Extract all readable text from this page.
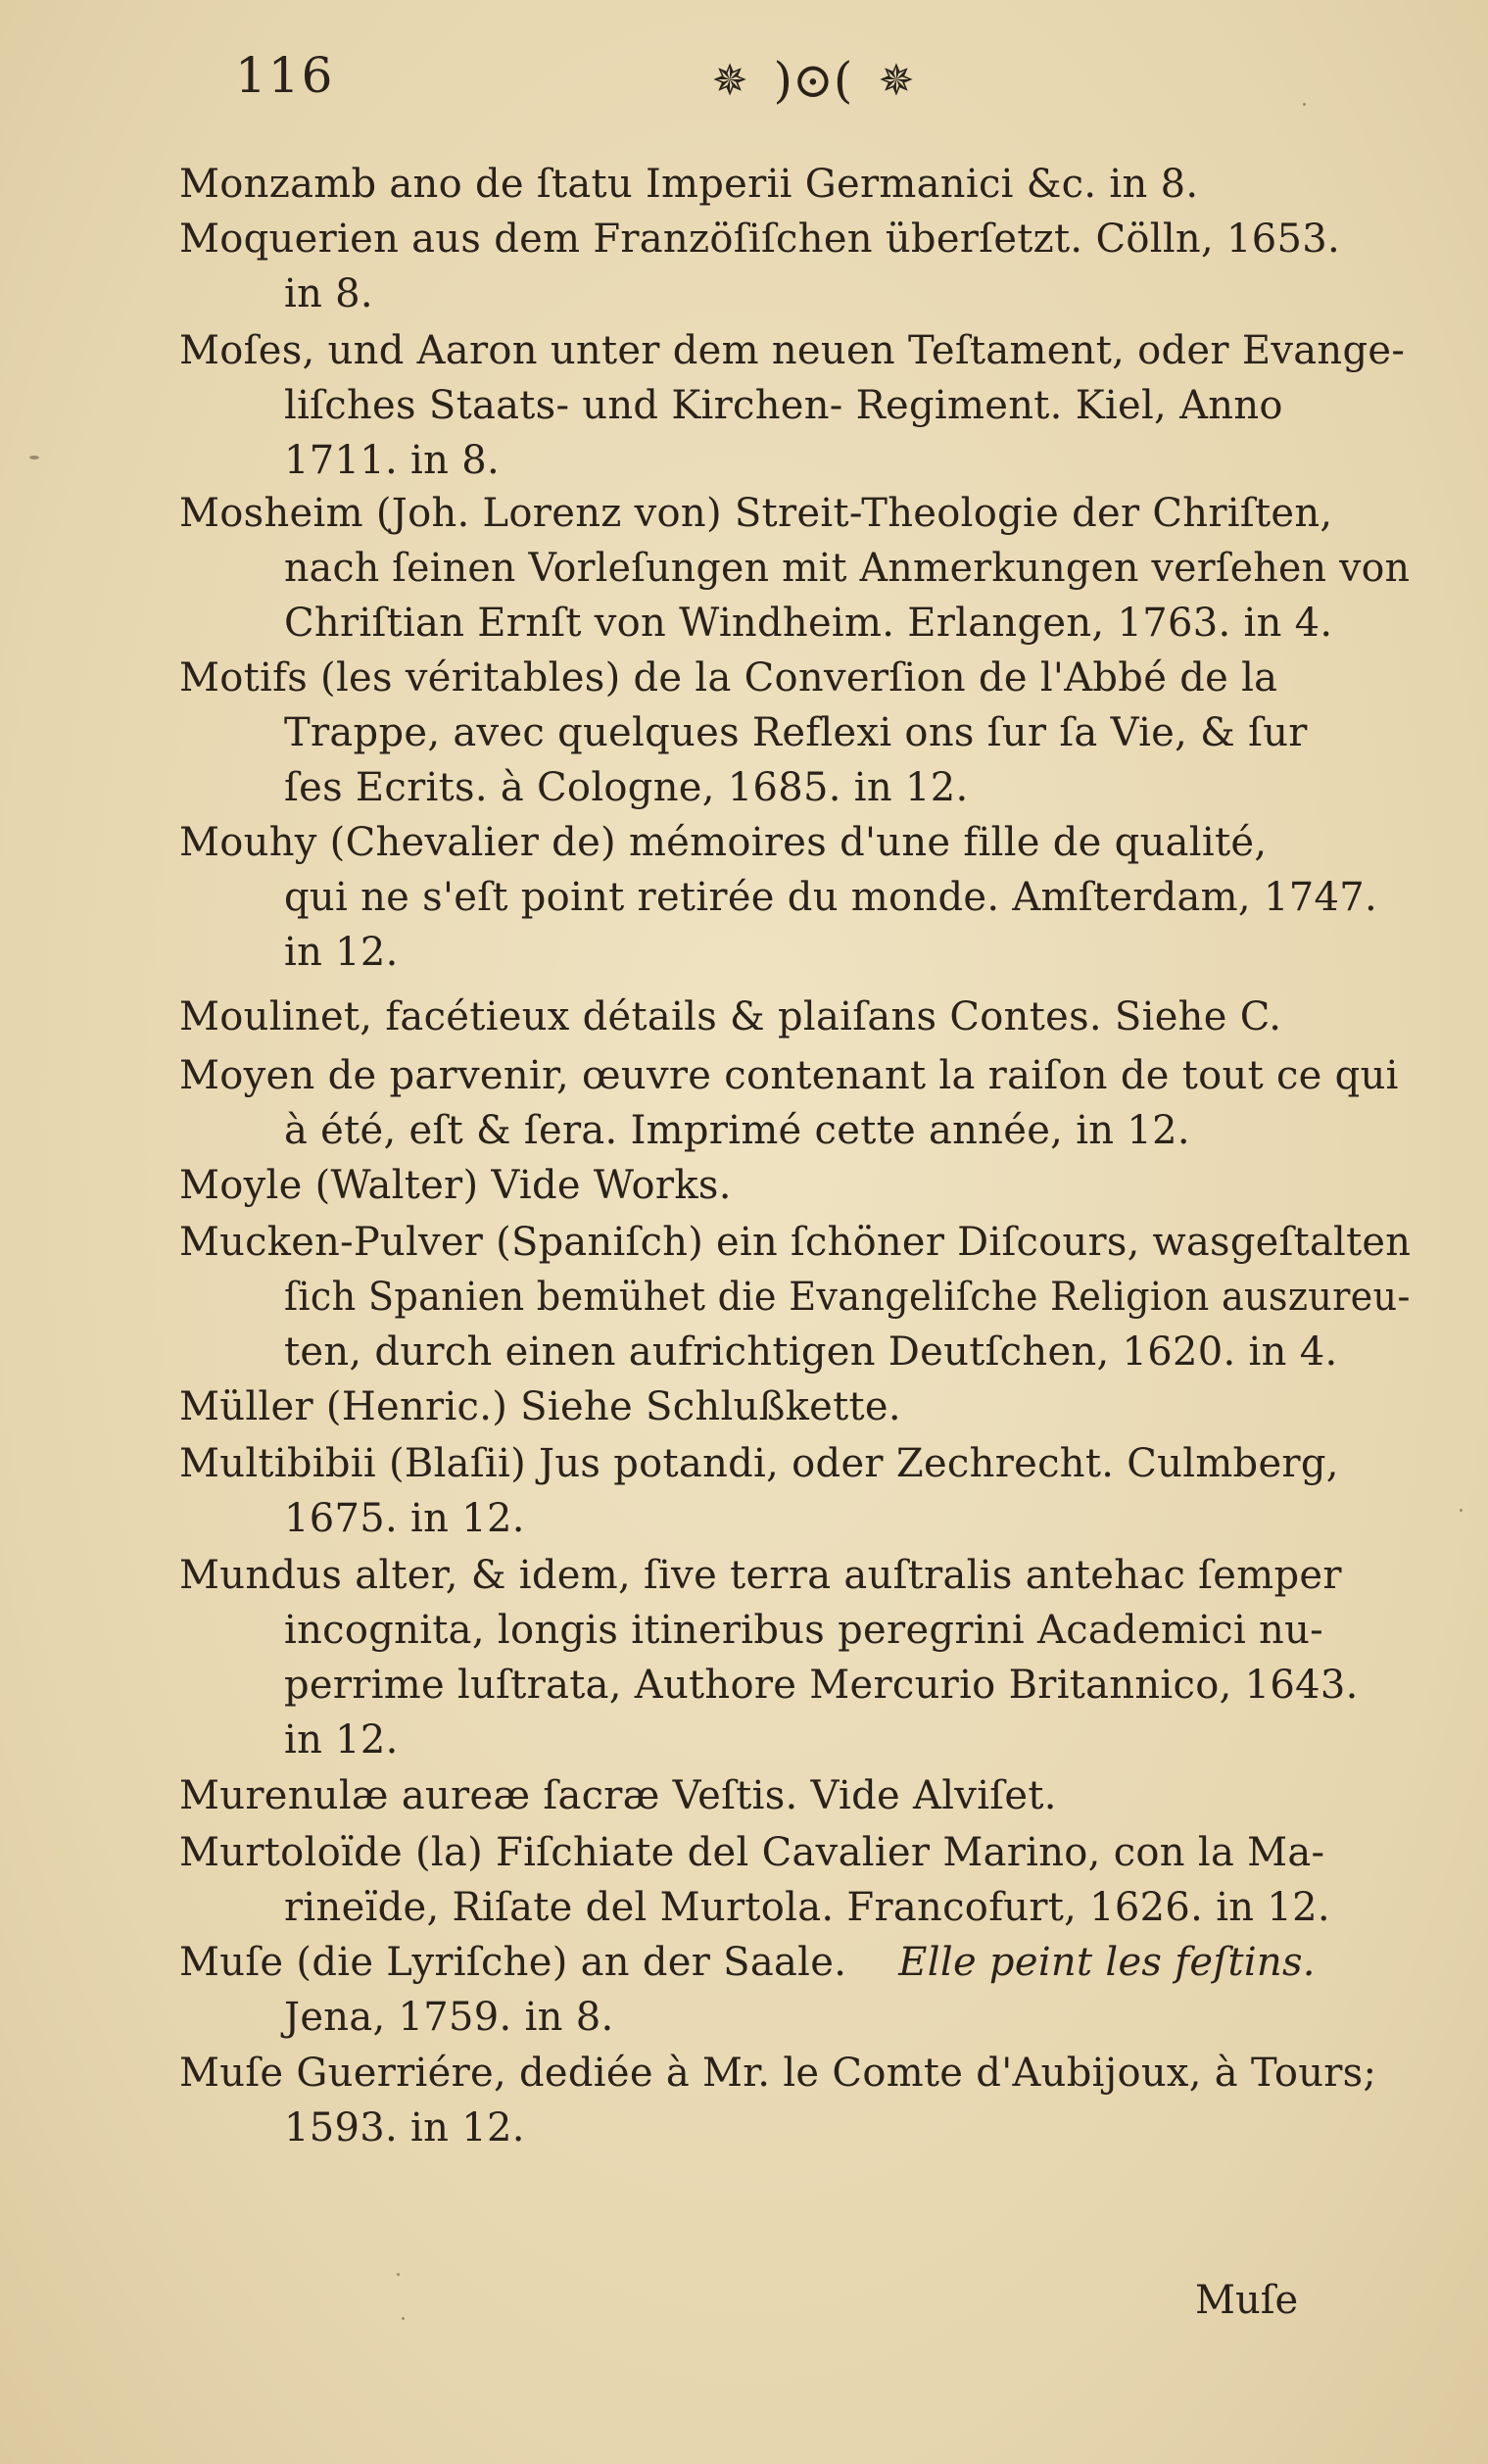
116	✵ )⊙( ✵
Monzamb ano de ſtatu Imperii Germanici &c. in 8.
Moquerien aus dem Franzöſiſchen überſetzt. Cölln, 1653.
in 8.
Moſes, und Aaron unter dem neuen Teſtament, oder Evange-
liſches Staats- und Kirchen- Regiment. Kiel, Anno
1711. in 8.
Mosheim (Joh. Lorenz von) Streit-Theologie der Chriſten,
nach ſeinen Vorleſungen mit Anmerkungen verſehen von
Chriſtian Ernſt von Windheim. Erlangen, 1763. in 4.
Motifs (les véritables) de la Converſion de l'Abbé de la
Trappe, avec quelques Reflexi ons ſur ſa Vie, & ſur
ſes Ecrits. à Cologne, 1685. in 12.
Mouhy (Chevalier de) mémoires d'une fille de qualité,
qui ne s'eſt point retirée du monde. Amſterdam, 1747.
in 12.
Moulinet, facétieux détails & plaiſans Contes. Siehe C.
Moyen de parvenir, œuvre contenant la raiſon de tout ce qui
à été, eſt & ſera. Imprimé cette année, in 12.
Moyle (Walter) Vide Works.
Mucken-Pulver (Spaniſch) ein ſchöner Diſcours, wasgeſtalten
ſich Spanien bemühet die Evangeliſche Religion auszureu-
ten, durch einen aufrichtigen Deutſchen, 1620. in 4.
Müller (Henric.) Siehe Schlußkette.
Multibibii (Blaſii) Jus potandi, oder Zechrecht. Culmberg,
1675. in 12.
Mundus alter, & idem, ſive terra auſtralis antehac ſemper
incognita, longis itineribus peregrini Academici nu-
perrime luſtrata, Authore Mercurio Britannico, 1643.
in 12.
Murenulæ aureæ ſacræ Veſtis. Vide Alviſet.
Murtoloïde (la) Fiſchiate del Cavalier Marino, con la Ma-
rineïde, Riſate del Murtola. Francofurt, 1626. in 12.
Muſe (die Lyriſche) an der Saale. Elle peint les feſtins.
Jena, 1759. in 8.
Muſe Guerriére, dediée à Mr. le Comte d'Aubijoux, à Tours;
1593. in 12.
Muſe
